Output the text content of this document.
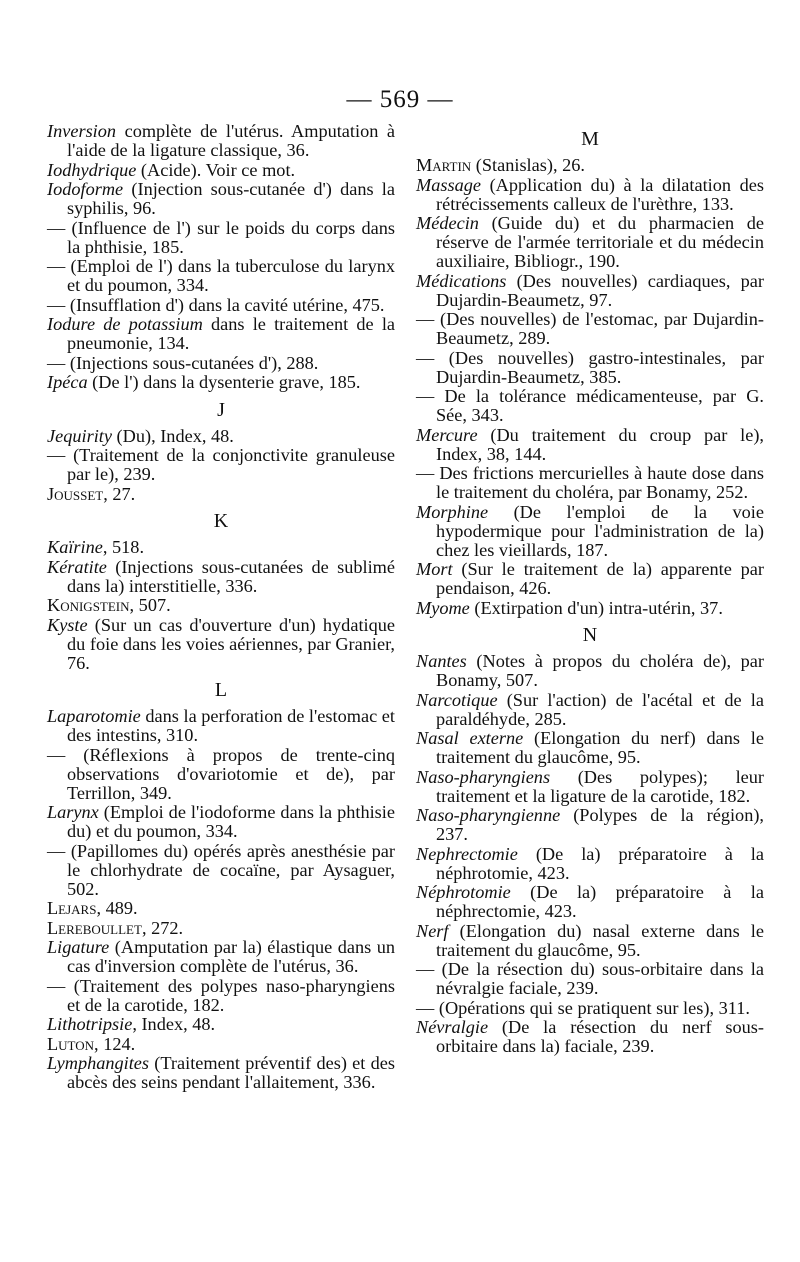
— 569 —
Inversion complète de l'utérus. Amputation à l'aide de la ligature classique, 36.
Iodhydrique (Acide). Voir ce mot.
Iodoforme (Injection sous-cutanée d') dans la syphilis, 96.
— (Influence de l') sur le poids du corps dans la phthisie, 185.
— (Emploi de l') dans la tuberculose du larynx et du poumon, 334.
— (Insufflation d') dans la cavité utérine, 475.
Iodure de potassium dans le traitement de la pneumonie, 134.
— (Injections sous-cutanées d'), 288.
Ipéca (De l') dans la dysenterie grave, 185.
J
Jequirity (Du), Index, 48.
— (Traitement de la conjonctivite granuleuse par le), 239.
Jousset, 27.
K
Kaïrine, 518.
Kératite (Injections sous-cutanées de sublimé dans la) interstitielle, 336.
Konigstein, 507.
Kyste (Sur un cas d'ouverture d'un) hydatique du foie dans les voies aériennes, par Granier, 76.
L
Laparotomie dans la perforation de l'estomac et des intestins, 310.
— (Réflexions à propos de trente-cinq observations d'ovariotomie et de), par Terrillon, 349.
Larynx (Emploi de l'iodoforme dans la phthisie du) et du poumon, 334.
— (Papillomes du) opérés après anesthésie par le chlorhydrate de cocaïne, par Aysaguer, 502.
Lejars, 489.
Lereboullet, 272.
Ligature (Amputation par la) élastique dans un cas d'inversion complète de l'utérus, 36.
— (Traitement des polypes naso-pharyngiens et de la carotide, 182.
Lithotripsie, Index, 48.
Luton, 124.
Lymphangites (Traitement préventif des) et des abcès des seins pendant l'allaitement, 336.
M
Martin (Stanislas), 26.
Massage (Application du) à la dilatation des rétrécissements calleux de l'urèthre, 133.
Médecin (Guide du) et du pharmacien de réserve de l'armée territoriale et du médecin auxiliaire, Bibliogr., 190.
Médications (Des nouvelles) cardiaques, par Dujardin-Beaumetz, 97.
— (Des nouvelles) de l'estomac, par Dujardin-Beaumetz, 289.
— (Des nouvelles) gastro-intestinales, par Dujardin-Beaumetz, 385.
— De la tolérance médicamenteuse, par G. Sée, 343.
Mercure (Du traitement du croup par le), Index, 38, 144.
— Des frictions mercurielles à haute dose dans le traitement du choléra, par Bonamy, 252.
Morphine (De l'emploi de la voie hypodermique pour l'administration de la) chez les vieillards, 187.
Mort (Sur le traitement de la) apparente par pendaison, 426.
Myome (Extirpation d'un) intra-utérin, 37.
N
Nantes (Notes à propos du choléra de), par Bonamy, 507.
Narcotique (Sur l'action) de l'acétal et de la paraldéhyde, 285.
Nasal externe (Elongation du nerf) dans le traitement du glaucôme, 95.
Naso-pharyngiens (Des polypes); leur traitement et la ligature de la carotide, 182.
Naso-pharyngienne (Polypes de la région), 237.
Nephrectomie (De la) préparatoire à la néphrotomie, 423.
Néphrotomie (De la) préparatoire à la néphrectomie, 423.
Nerf (Elongation du) nasal externe dans le traitement du glaucôme, 95.
— (De la résection du) sous-orbitaire dans la névralgie faciale, 239.
— (Opérations qui se pratiquent sur les), 311.
Névralgie (De la résection du nerf sous-orbitaire dans la) faciale, 239.
